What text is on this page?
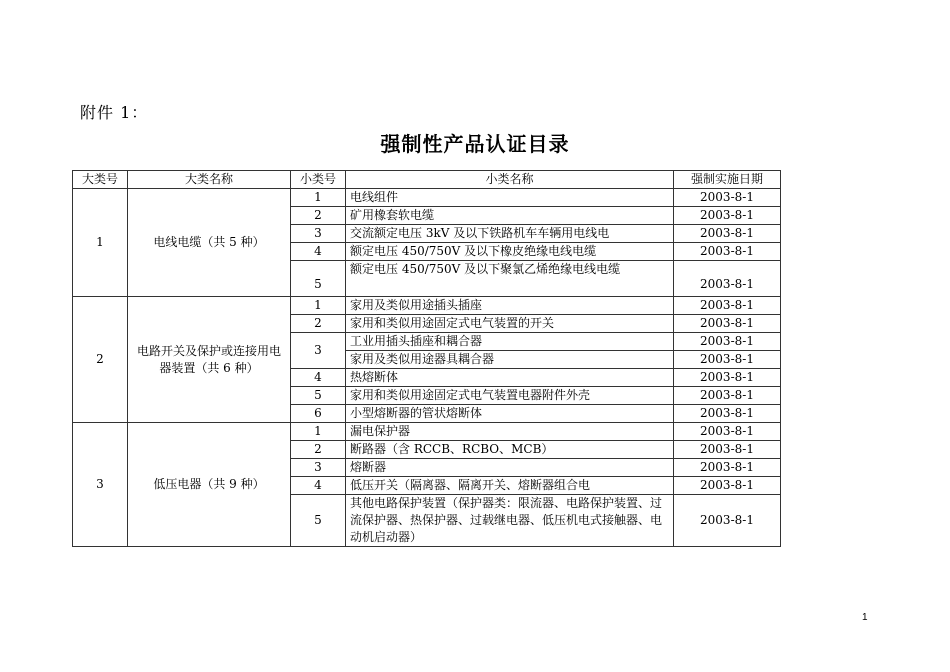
附件 1：
强制性产品认证目录
大类号	大类名称	小类号	小类名称	强制实施日期
1	电线电缆（共 5 种）	1	电线组件	2003-8-1
		2	矿用橡套软电缆	2003-8-1
		3	交流额定电压 3kV 及以下铁路机车车辆用电线电	2003-8-1
		4	额定电压 450/750V 及以下橡皮绝缘电线电缆	2003-8-1
		5	额定电压 450/750V 及以下聚氯乙烯绝缘电线电缆	2003-8-1
2	电路开关及保护或连接用电器装置（共 6 种）	1	家用及类似用途插头插座	2003-8-1
		2	家用和类似用途固定式电气装置的开关	2003-8-1
		3	工业用插头插座和耦合器	2003-8-1
			家用及类似用途器具耦合器	2003-8-1
		4	热熔断体	2003-8-1
		5	家用和类似用途固定式电气装置电器附件外壳	2003-8-1
		6	小型熔断器的管状熔断体	2003-8-1
3	低压电器（共 9 种）	1	漏电保护器	2003-8-1
		2	断路器（含 RCCB、RCBO、MCB）	2003-8-1
		3	熔断器	2003-8-1
		4	低压开关（隔离器、隔离开关、熔断器组合电	2003-8-1
		5	其他电路保护装置（保护器类：限流器、电路保护装置、过流保护器、热保护器、过载继电器、低压机电式接触器、电动机启动器）	2003-8-1
1
